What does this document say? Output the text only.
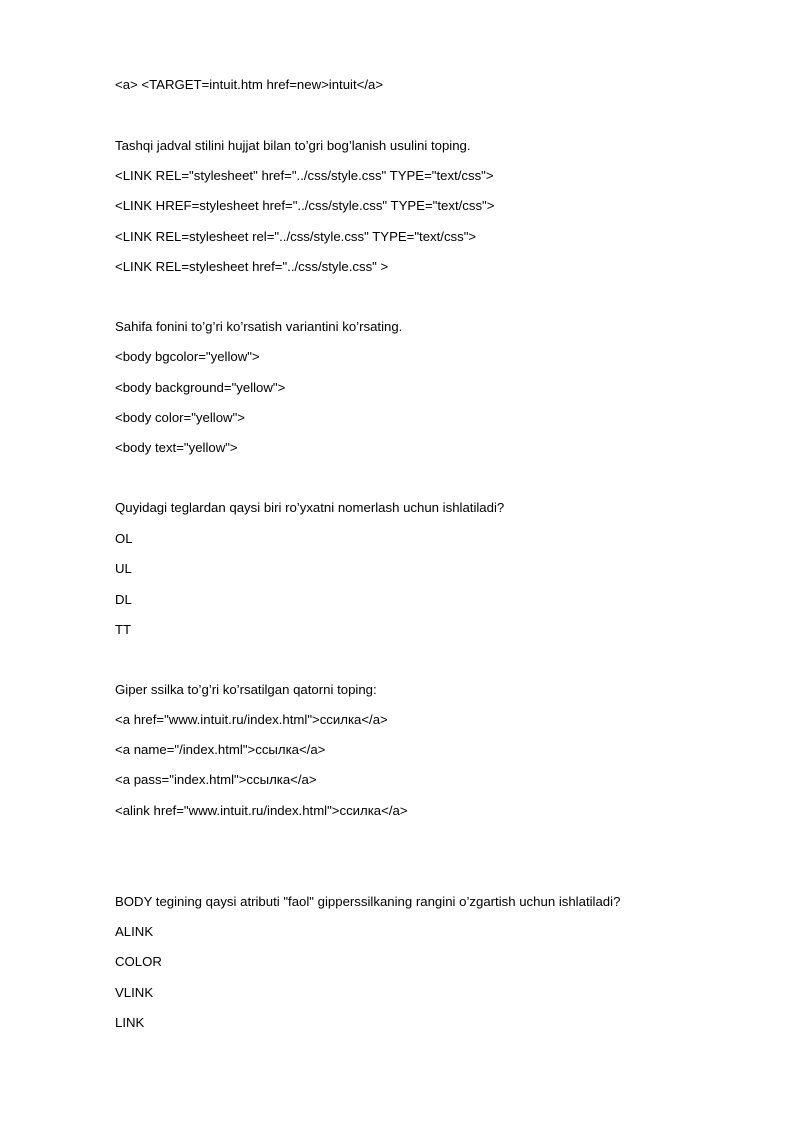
<a> <TARGET=intuit.htm href=new>intuit</a>
Tashqi jadval stilini hujjat bilan to’gri bog’lanish usulini toping.
<LINK REL="stylesheet" href="../css/style.css" TYPE="text/css">
<LINK HREF=stylesheet href="../css/style.css" TYPE="text/css">
<LINK REL=stylesheet rel="../css/style.css" TYPE="text/css">
<LINK REL=stylesheet href="../css/style.css" >
Sahifa fonini to’g’ri ko’rsatish variantini ko’rsating.
<body bgcolor="yellow">
<body background="yellow">
<body color="yellow">
<body text="yellow">
Quyidagi teglardan qaysi biri ro’yxatni nomerlash uchun ishlatiladi?
OL
UL
DL
TT
Giper ssilka to’g’ri ko’rsatilgan qatorni toping:
<a href="www.intuit.ru/index.html">ссилка</a>
<a name="/index.html">ссылка</a>
<a pass="index.html">ссылка</a>
<alink href="www.intuit.ru/index.html">ссилка</a>
BODY tegining qaysi atributi "faol" gipperssilkaning rangini o’zgartish uchun ishlatiladi?
ALINK
COLOR
VLINK
LINK
